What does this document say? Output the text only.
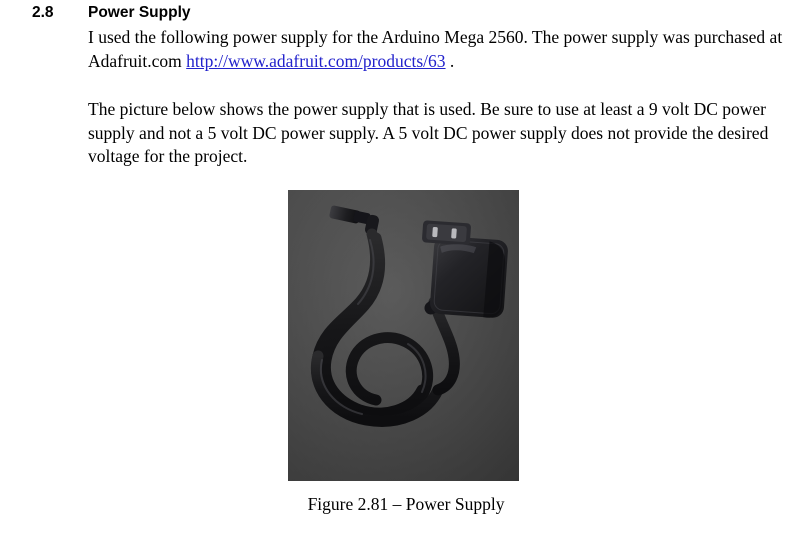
2.8	Power Supply
I used the following power supply for the Arduino Mega 2560. The power supply was purchased at Adafruit.com http://www.adafruit.com/products/63 .
The picture below shows the power supply that is used. Be sure to use at least a 9 volt DC power supply and not a 5 volt DC power supply. A 5 volt DC power supply does not provide the desired voltage for the project.
Figure 2.81 – Power Supply
